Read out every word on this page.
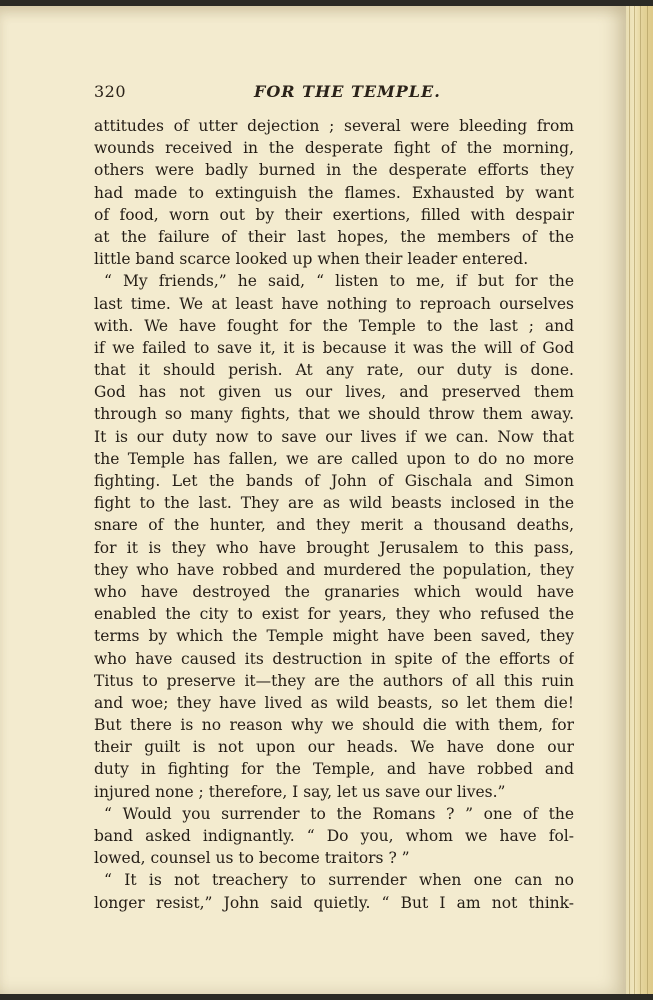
320	FOR THE TEMPLE.
attitudes of utter dejection ; several were bleeding from
wounds received in the desperate fight of the morning,
others were badly burned in the desperate efforts they
had made to extinguish the flames. Exhausted by want
of food, worn out by their exertions, filled with despair
at the failure of their last hopes, the members of the
little band scarce looked up when their leader entered.
“ My friends,” he said, “ listen to me, if but for the
last time. We at least have nothing to reproach ourselves
with. We have fought for the Temple to the last ; and
if we failed to save it, it is because it was the will of God
that it should perish. At any rate, our duty is done.
God has not given us our lives, and preserved them
through so many fights, that we should throw them away.
It is our duty now to save our lives if we can. Now that
the Temple has fallen, we are called upon to do no more
fighting. Let the bands of John of Gischala and Simon
fight to the last. They are as wild beasts inclosed in the
snare of the hunter, and they merit a thousand deaths,
for it is they who have brought Jerusalem to this pass,
they who have robbed and murdered the population, they
who have destroyed the granaries which would have
enabled the city to exist for years, they who refused the
terms by which the Temple might have been saved, they
who have caused its destruction in spite of the efforts of
Titus to preserve it—they are the authors of all this ruin
and woe; they have lived as wild beasts, so let them die!
But there is no reason why we should die with them, for
their guilt is not upon our heads. We have done our
duty in fighting for the Temple, and have robbed and
injured none ; therefore, I say, let us save our lives.”
“ Would you surrender to the Romans ? ” one of the
band asked indignantly. “ Do you, whom we have fol-
lowed, counsel us to become traitors ? ”
“ It is not treachery to surrender when one can no
longer resist,” John said quietly. “ But I am not think-
